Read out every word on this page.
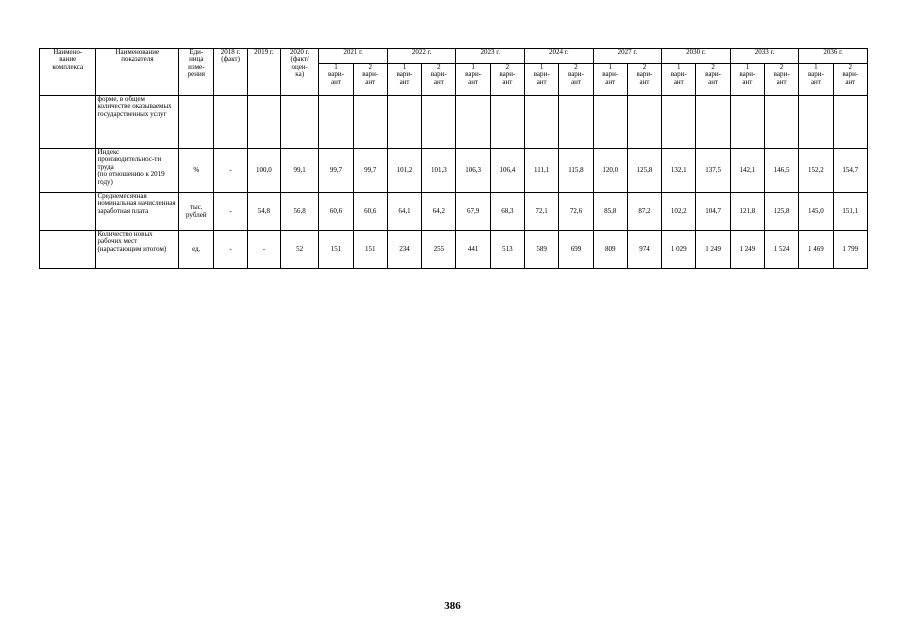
Наимено-
вание
комплекса	Наименование
показателя	Еди-
ница
изме-
рения	2018 г.
(факт)	2019 г.	2020 г.
(факт/
оцен-
ка)	2021 г.		2022 г.		2023 г.		2024 г.		2027 г.		2030 г.		2033 г.		2036 г.	
						1
вари-
ант	2
вари-
ант	1
вари-
ант	2
вари-
ант	1
вари-
ант	2
вари-
ант	1
вари-
ант	2
вари-
ант	1
вари-
ант	2
вари-
ант	1
вари-
ант	2
вари-
ант	1
вари-
ант	2
вари-
ант	1
вари-
ант	2
вари-
ант
	форме, в общем количестве оказываемых государственных услуг																				
	Индекс производительнос-ти труда
(по отношению к 2019 году)	%	-	100,0	99,1	99,7	99,7	101,2	101,3	106,3	106,4	111,1	115,8	120,0	125,8	132,1	137,5	142,1	146,5	152,2	154,7
	Среднемесячная номинальная начисленная заработная плата	тыс.
рублей	-	54,8	56,8	60,6	60,6	64,1	64,2	67,9	68,3	72,1	72,6	85,8	87,2	102,2	104,7	121,8	125,8	145,0	151,1
	Количество новых рабочих мест (нарастающим итогом)	ед.	-	-	52	151	151	234	255	441	513	589	699	809	974	1 029	1 249	1 249	1 524	1 469	1 799
386
